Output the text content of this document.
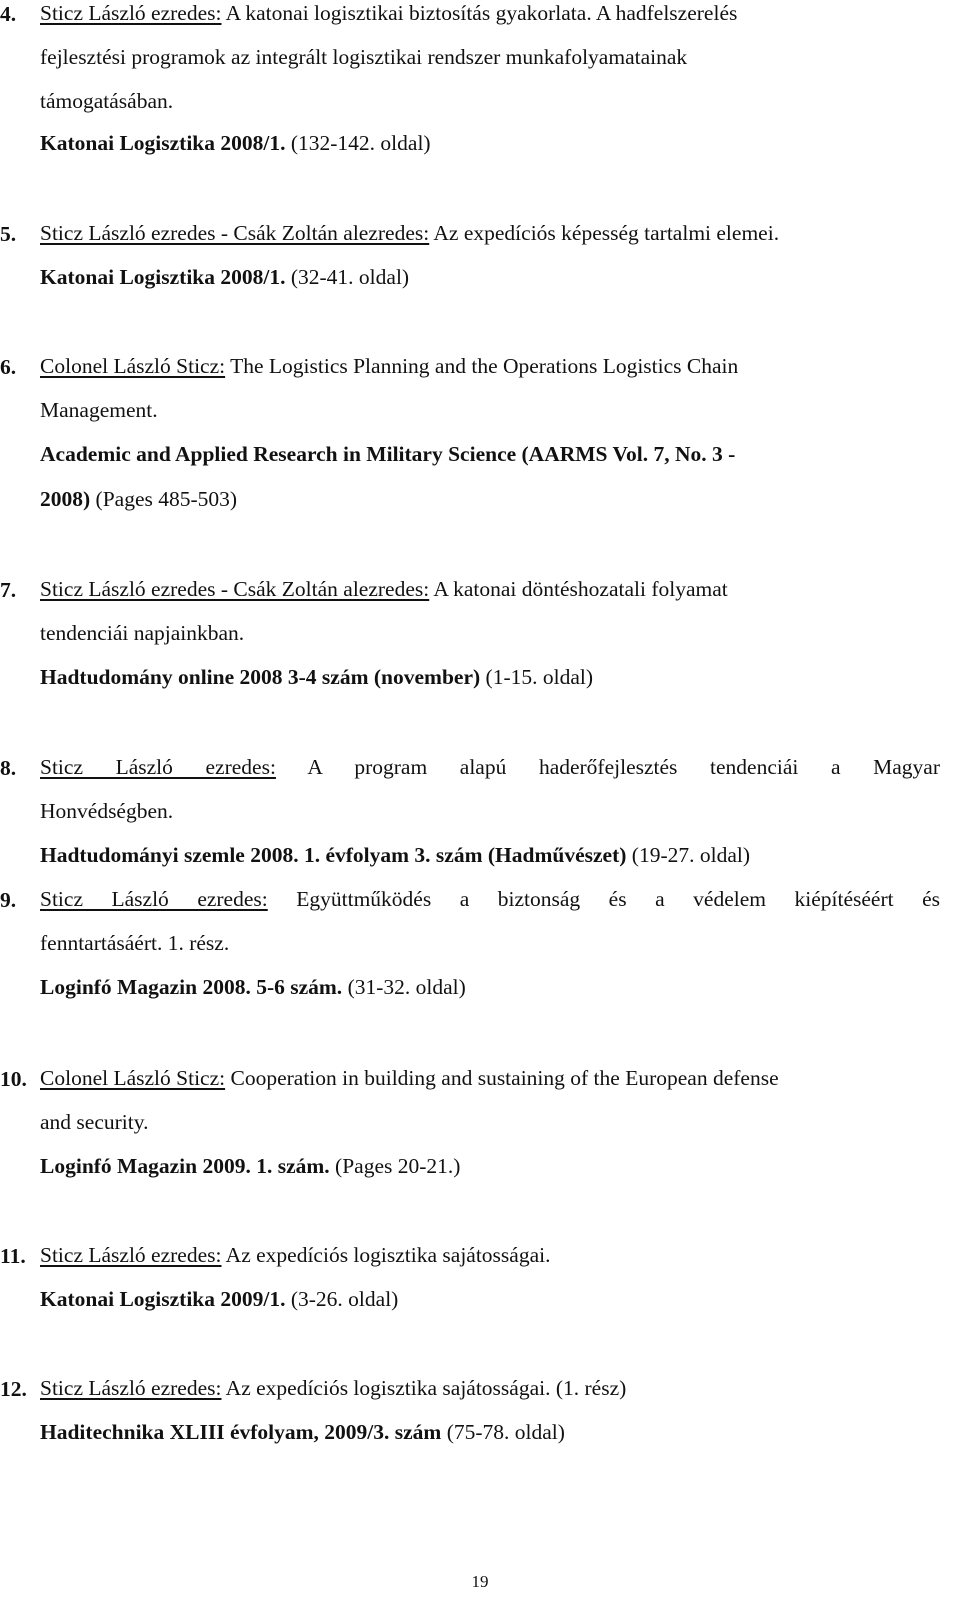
4. Sticz László ezredes: A katonai logisztikai biztosítás gyakorlata. A hadfelszerelés
fejlesztési programok az integrált logisztikai rendszer munkafolyamatainak
támogatásában.
Katonai Logisztika 2008/1. (132-142. oldal)
5. Sticz László ezredes - Csák Zoltán alezredes: Az expedíciós képesség tartalmi elemei.
Katonai Logisztika 2008/1. (32-41. oldal)
6. Colonel László Sticz: The Logistics Planning and the Operations Logistics Chain
Management.
Academic and Applied Research in Military Science (AARMS Vol. 7, No. 3 -
2008) (Pages 485-503)
7. Sticz László ezredes - Csák Zoltán alezredes: A katonai döntéshozatali folyamat
tendenciái napjainkban.
Hadtudomány online 2008 3-4 szám (november) (1-15. oldal)
8. Sticz László ezredes: A program alapú haderőfejlesztés tendenciái a Magyar
Honvédségben.
Hadtudományi szemle 2008. 1. évfolyam 3. szám (Hadművészet) (19-27. oldal)
9. Sticz László ezredes: Együttműködés a biztonság és a védelem kiépítéséért és
fenntartásáért. 1. rész.
Loginfó Magazin 2008. 5-6 szám. (31-32. oldal)
10. Colonel László Sticz: Cooperation in building and sustaining of the European defense
and security.
Loginfó Magazin 2009. 1. szám. (Pages 20-21.)
11. Sticz László ezredes: Az expedíciós logisztika sajátosságai.
Katonai Logisztika 2009/1. (3-26. oldal)
12. Sticz László ezredes: Az expedíciós logisztika sajátosságai. (1. rész)
Haditechnika XLIII évfolyam, 2009/3. szám (75-78. oldal)
19
